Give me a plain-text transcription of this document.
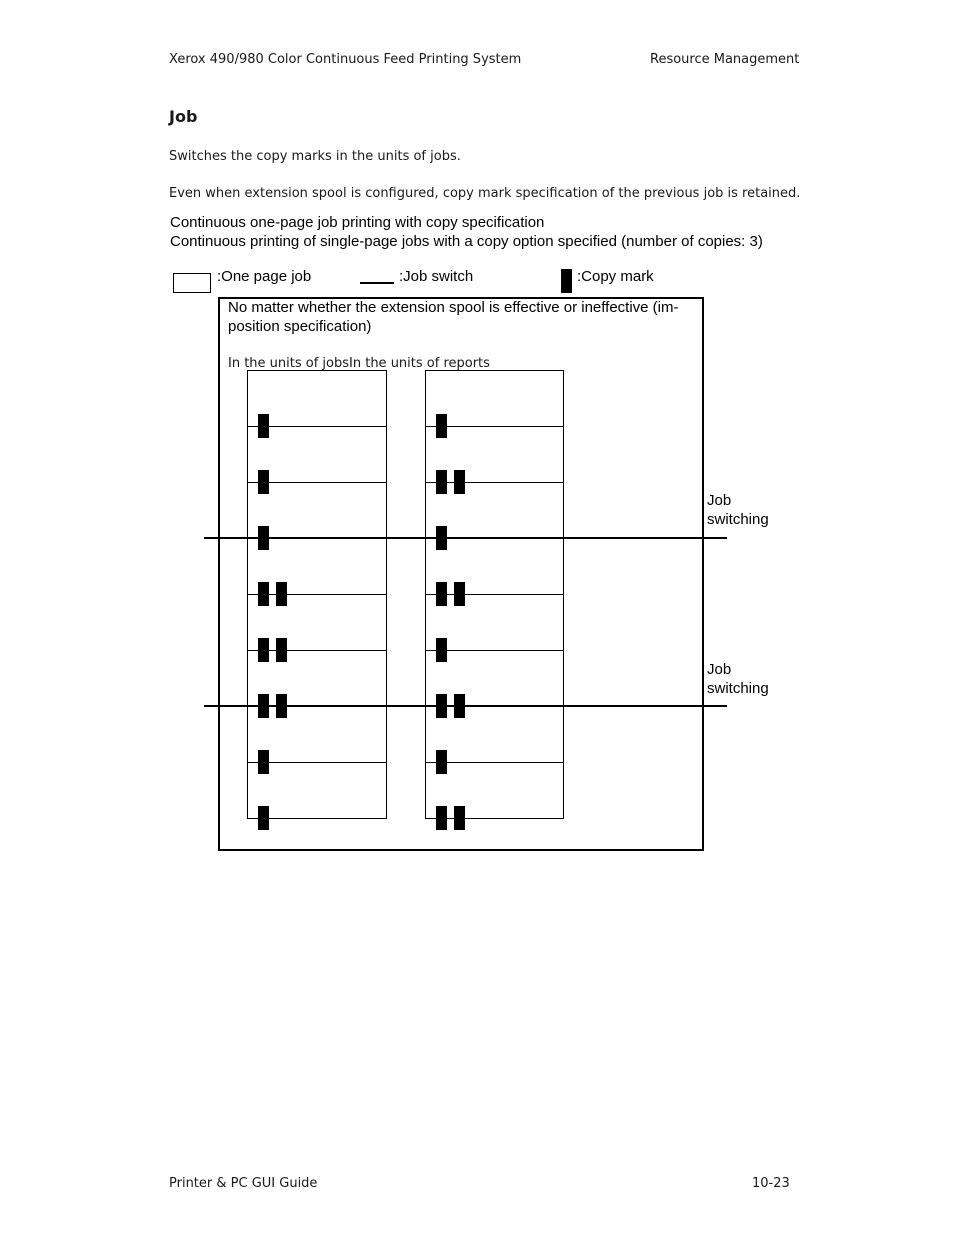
Xerox 490/980 Color Continuous Feed Printing System	Resource Management
Job
Switches the copy marks in the units of jobs.
Even when extension spool is configured, copy mark specification of the previous job is retained.
Continuous one-page job printing with copy specification
Continuous printing of single-page jobs with a copy option specified (number of copies: 3)
:One page job	:Job switch	:Copy mark
No matter whether the extension spool is effective or ineffective (im-
position specification)
In the units of jobsIn the units of reports
Job
switching
Job
switching
Printer & PC GUI Guide	10-23
